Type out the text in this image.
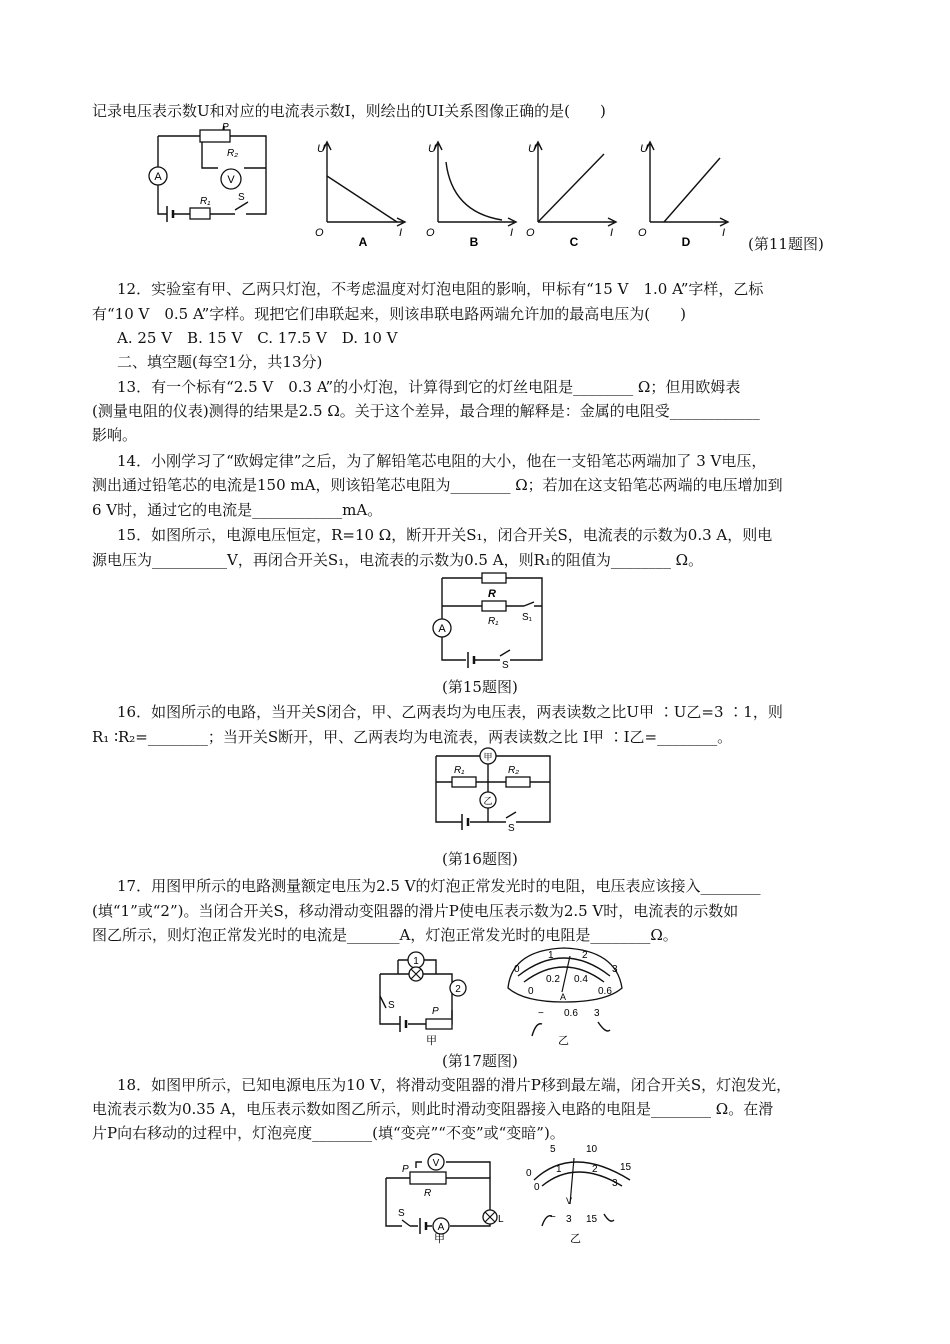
记录电压表示数U和对应的电流表示数I，则绘出的UI关系图像正确的是(　　)
A	V
P
R₂
R₁	S
U
I
O
A
U
I
O
B
U
I
O
C
U
I
O
D	(第11题图)
12．实验室有甲、乙两只灯泡，不考虑温度对灯泡电阻的影响，甲标有“15 V　1.0 A”字样，乙标
有“10 V　0.5 A”字样。现把它们串联起来，则该串联电路两端允许加的最高电压为(　　)
A. 25 V　B. 15 V　C. 17.5 V　D. 10 V
二、填空题(每空1分，共13分)
13．有一个标有“2.5 V　0.3 A”的小灯泡，计算得到它的灯丝电阻是________ Ω；但用欧姆表
(测量电阻的仪表)测得的结果是2.5 Ω。关于这个差异，最合理的解释是：金属的电阻受____________
影响。
14．小刚学习了“欧姆定律”之后，为了解铅笔芯电阻的大小，他在一支铅笔芯两端加了 3 V电压，
测出通过铅笔芯的电流是150 mA，则该铅笔芯电阻为________ Ω；若加在这支铅笔芯两端的电压增加到
6 V时，通过它的电流是____________mA。
15．如图所示，电源电压恒定，R=10 Ω，断开开关S₁，闭合开关S，电流表的示数为0.3 A，则电
源电压为__________V，再闭合开关S₁，电流表的示数为0.5 A，则R₁的阻值为________ Ω。
A
R
R₁ S₁
S
(第15题图)
16．如图所示的电路，当开关S闭合，甲、乙两表均为电压表，两表读数之比U甲 ∶U乙=3 ∶1，则
R₁ ∶R₂=________；当开关S断开，甲、乙两表均为电流表，两表读数之比 I甲 ∶I乙=________。
甲
乙
R₁	R₂
S
(第16题图)
17．用图甲所示的电路测量额定电压为2.5 V的灯泡正常发光时的电阻，电压表应该接入________
(填“1”或“2”)。当闭合开关S，移动滑动变阻器的滑片P使电压表示数为2.5 V时，电流表的示数如
图乙所示，则灯泡正常发光时的电流是_______A，灯泡正常发光时的电阻是________Ω。
1
2
S
P
甲
0
1	2
3
0
0.2 0.4
0.6
A
− 0.6 3
乙
(第17题图)
18．如图甲所示，已知电源电压为10 V，将滑动变阻器的滑片P移到最左端，闭合开关S，灯泡发光，
电流表示数为0.35 A，电压表示数如图乙所示，则此时滑动变阻器接入电路的电阻是________ Ω。在滑
片P向右移动的过程中，灯泡亮度________(填“变亮”“不变”或“变暗”)。
V
A
P
R
L
S
甲
0
5	10
15
0
1	2
3
V
− 3 15
乙
